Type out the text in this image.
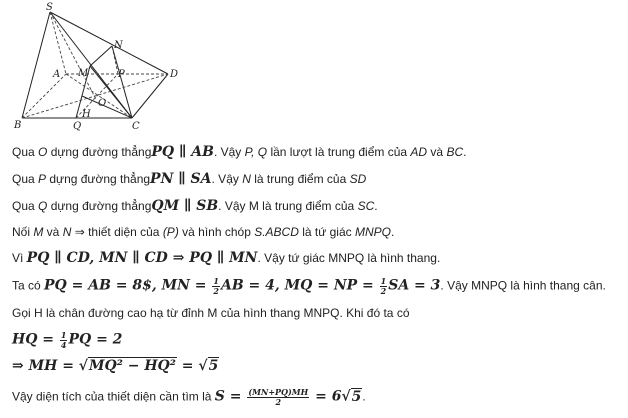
S
N
M	P
A	D
O
H
B	Q	C
Qua O dựng đường thẳngPQ ∥ AB. Vậy P, Q lần lượt là trung điểm của AD và BC.
Qua P dựng đường thẳngPN ∥ SA. Vậy N là trung điểm của SD
Qua Q dựng đường thẳngQM ∥ SB. Vậy M là trung điểm của SC.
Nối M và N ⇒ thiết diện của (P) và hình chóp S.ABCD là tứ giác MNPQ.
Vì PQ ∥ CD, MN ∥ CD ⇒ PQ ∥ MN. Vậy tứ giác MNPQ là hình thang.
Ta có PQ = AB = 8$, MN = $\frac{1}{2}$ AB = 4, MQ = NP = $\frac{1}{2}$ SA = 3. Vậy MNPQ là hình thang cân.
Gọi H là chân đường cao hạ từ đỉnh M của hình thang MNPQ. Khi đó ta có
HQ = $\frac{1}{4}$ PQ = 2
⇒ MH = √MQ² − HQ² = √5
Vậy diện tích của thiết diện cần tìm là $S = \frac{(MN+PQ)MH}{2} = 6√5$.
